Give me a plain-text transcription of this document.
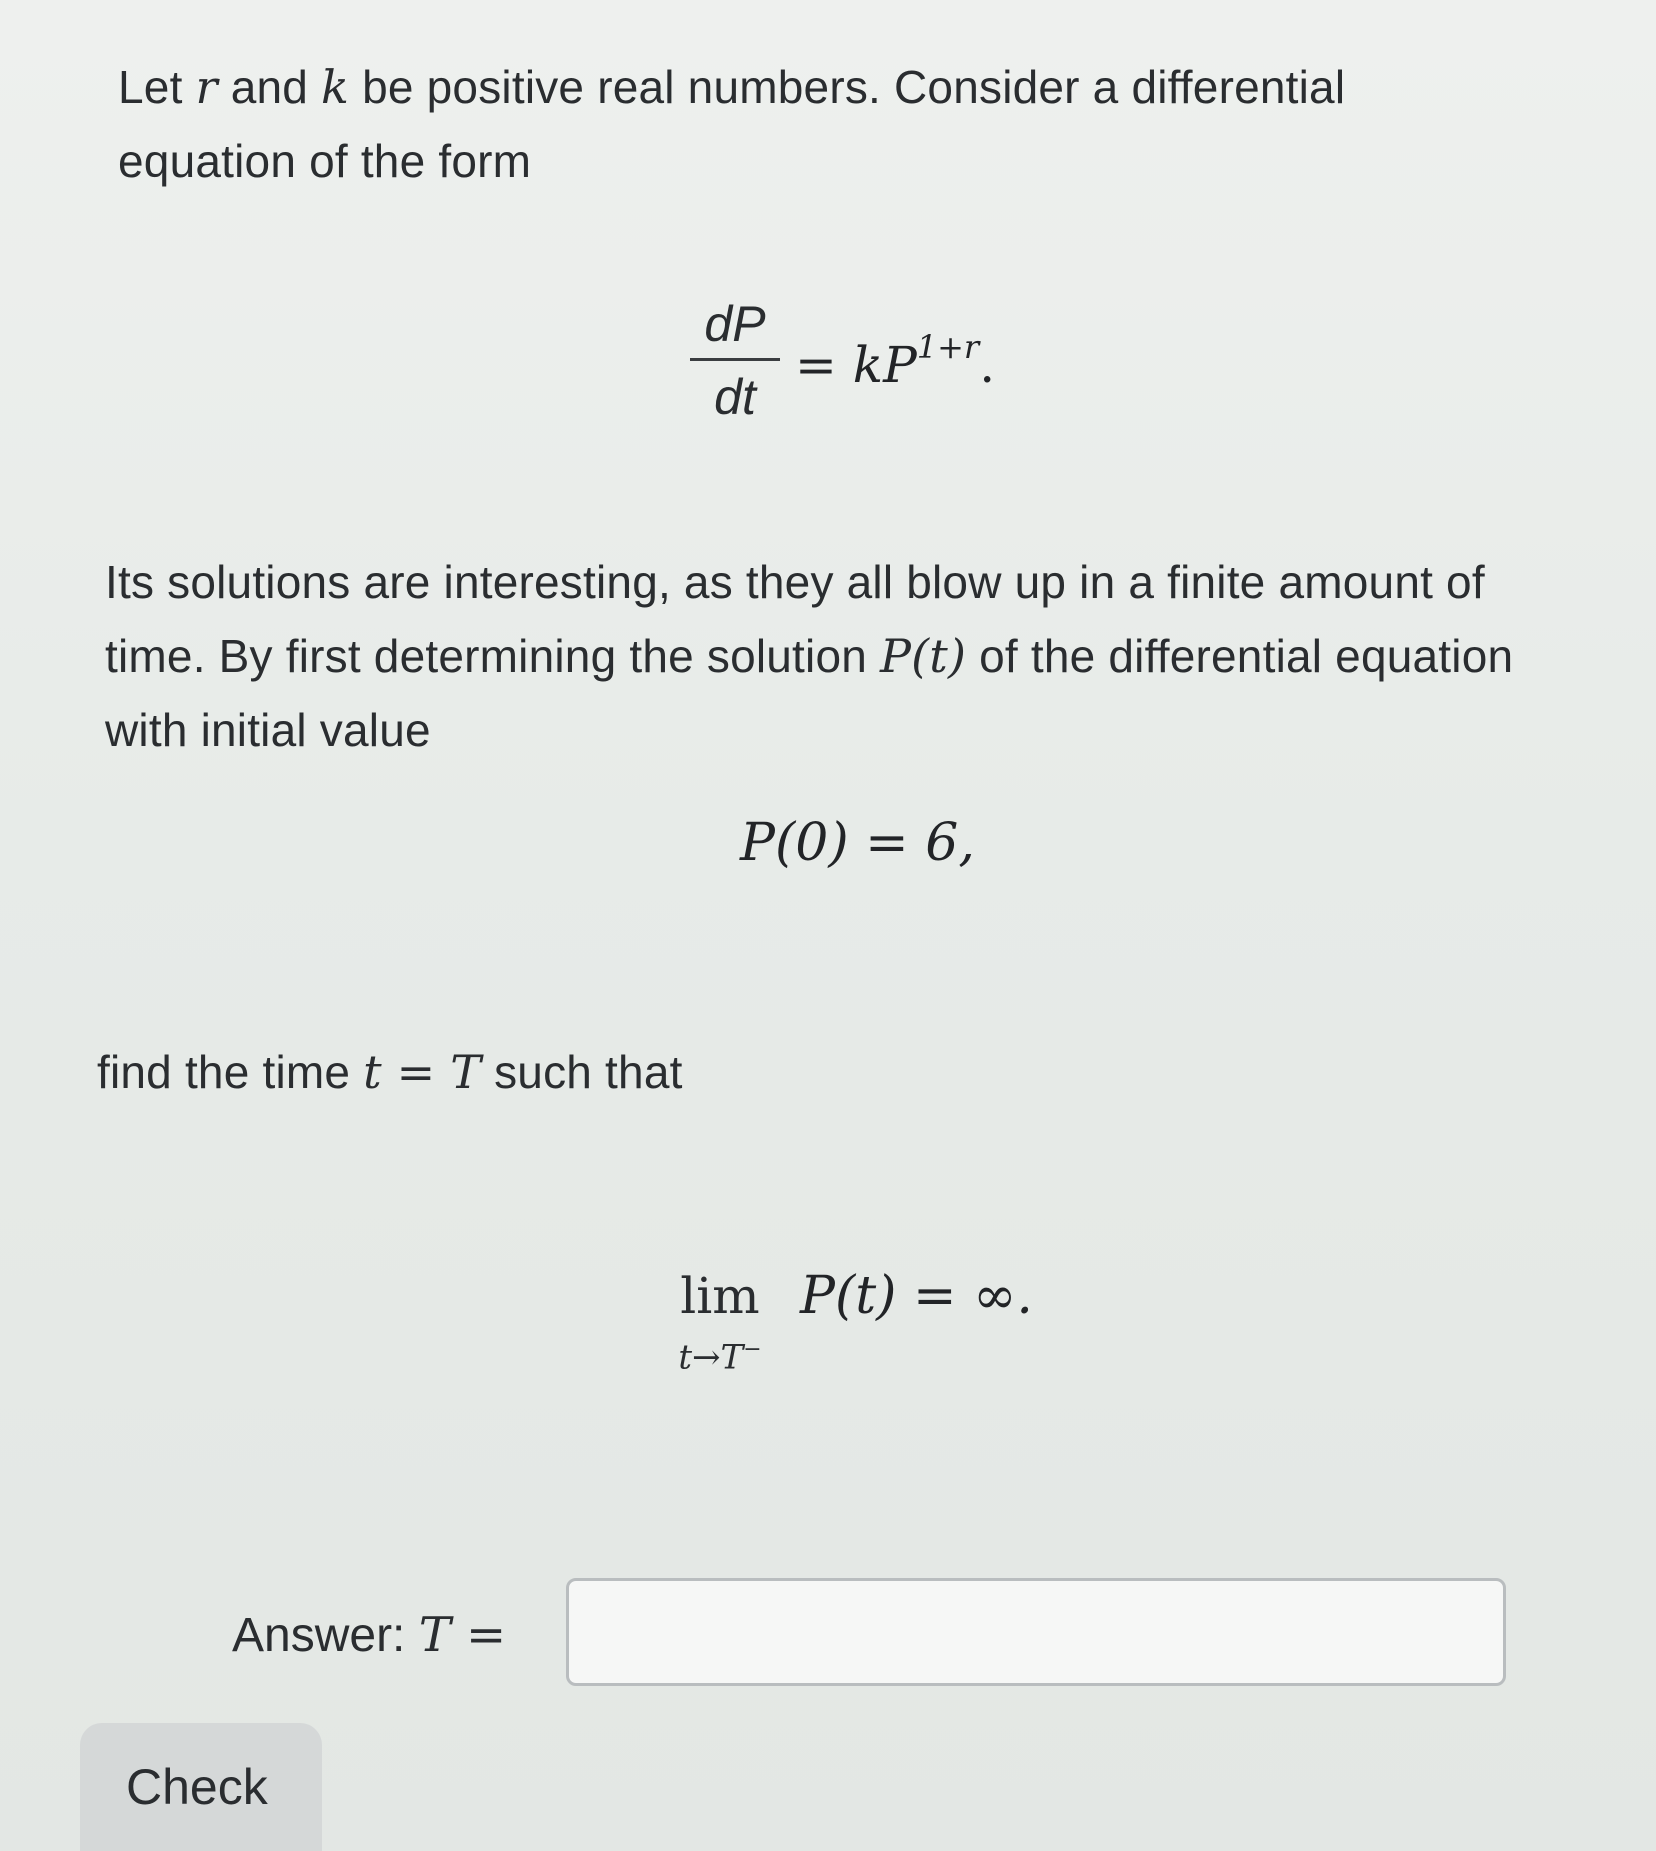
Let r and k be positive real numbers. Consider a differential equation of the form

dP
dt
= $kP^{1+r}$.

Its solutions are interesting, as they all blow up in a finite amount of time. By first determining the solution P(t) of the differential equation with initial value

P(0) = 6,

find the time t = T such that

lim
t→T−
P(t) = ∞.
Answer: T =
Check
